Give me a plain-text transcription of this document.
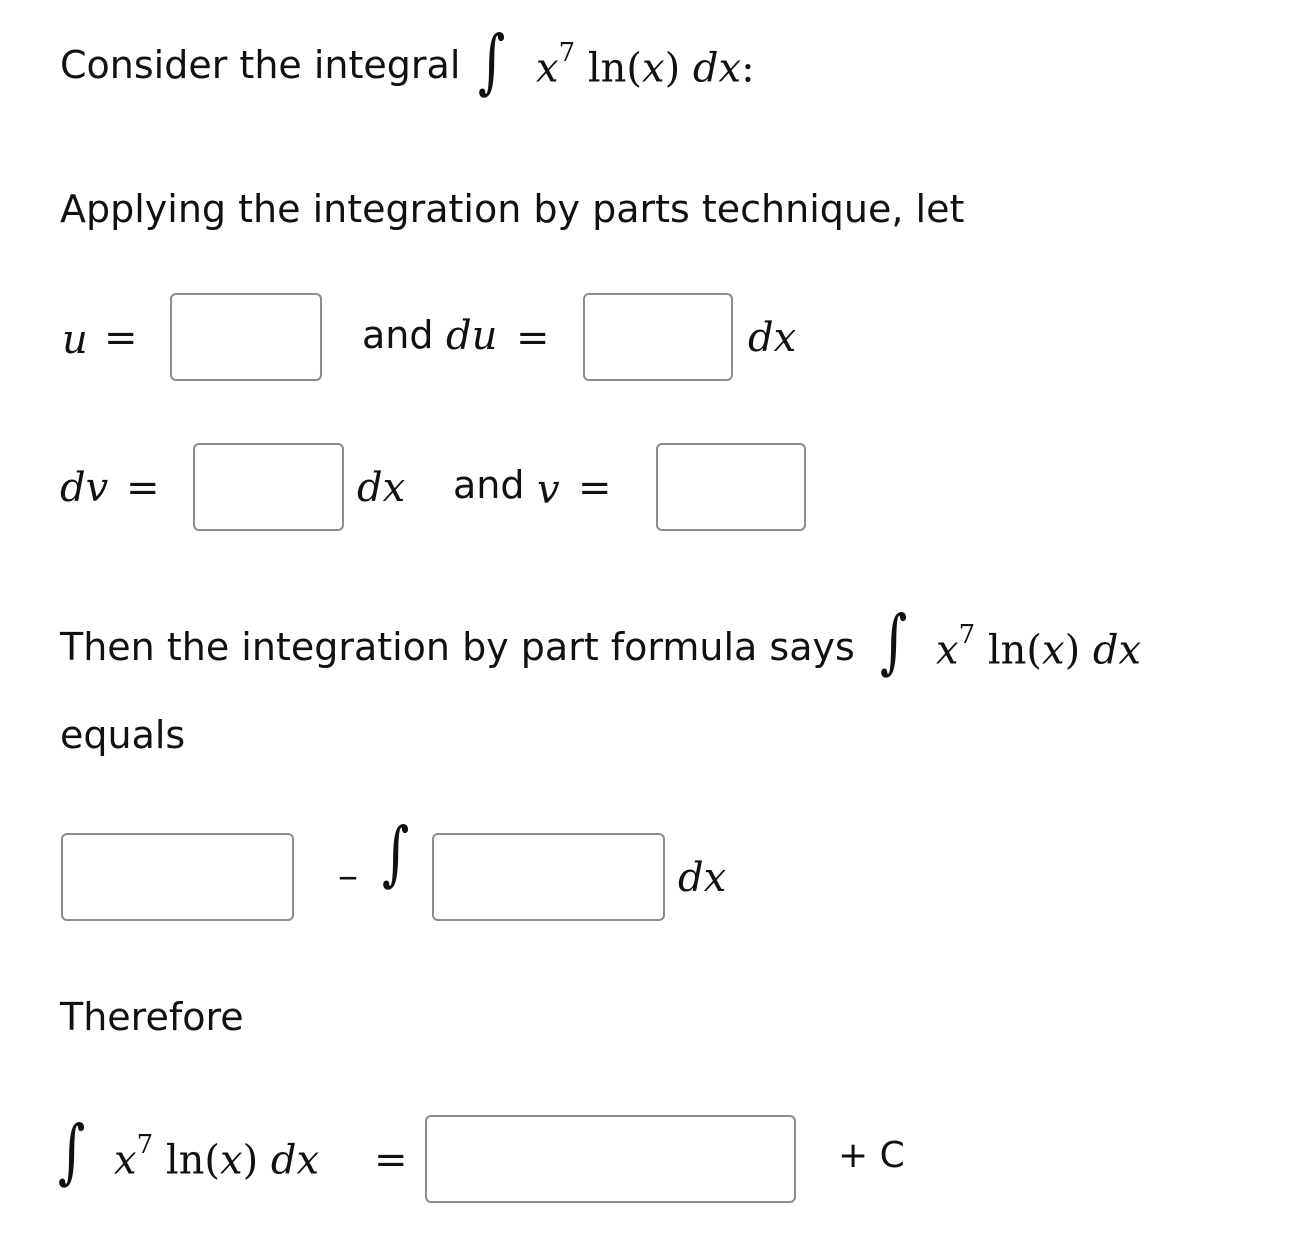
Consider the integral ∫ $x^7$ ln(x) dx:
Applying the integration by parts technique, let
u =	and du =	dx
dv =	dx and v =
Then the integration by part formula says ∫ $x^7$ ln(x) dx
equals
– ∫	dx
Therefore
∫ $x^7$ ln(x) dx =	+ C
